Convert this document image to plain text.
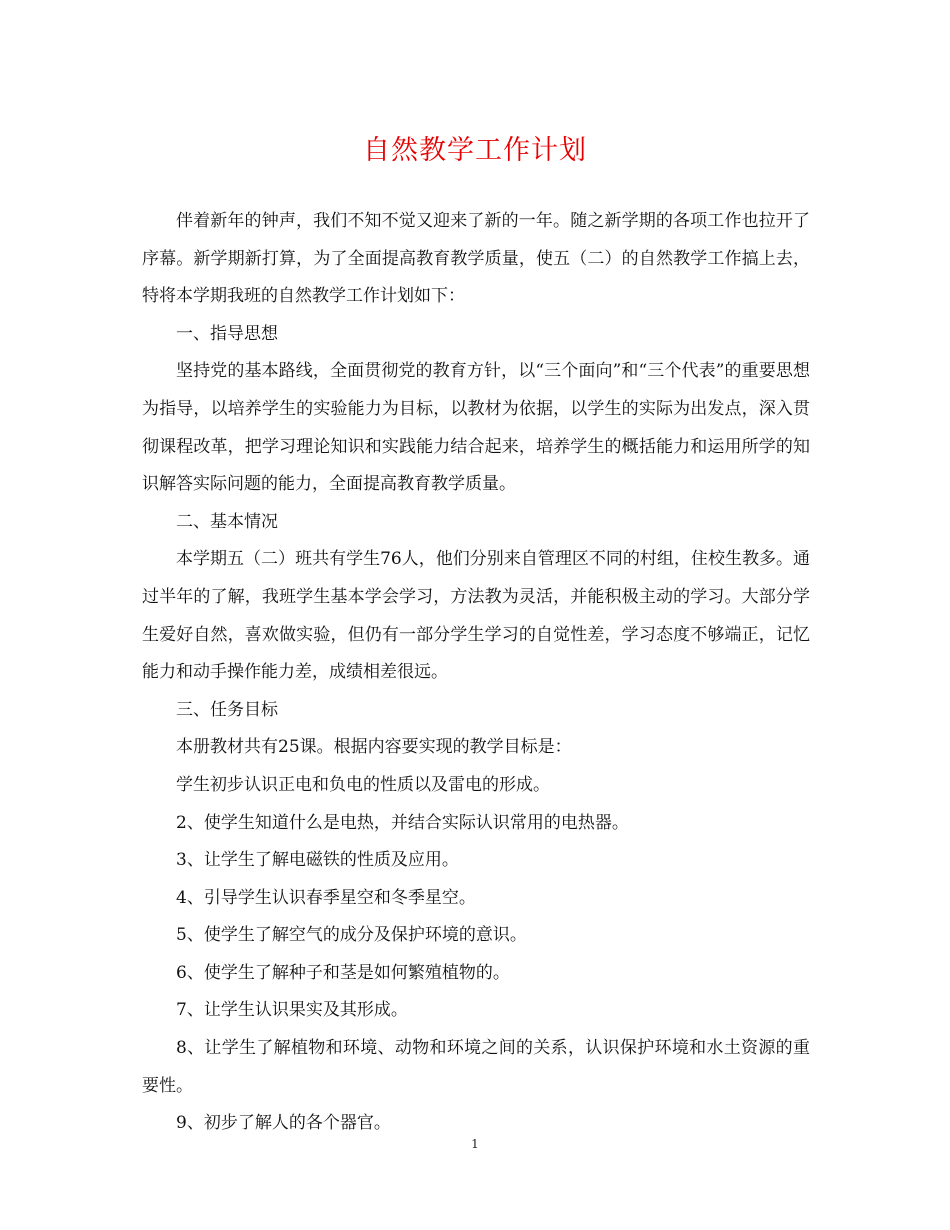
自然教学工作计划

伴着新年的钟声，我们不知不觉又迎来了新的一年。随之新学期的各项工作也拉开了序幕。新学期新打算，为了全面提高教育教学质量，使五（二）的自然教学工作搞上去，特将本学期我班的自然教学工作计划如下：

一、指导思想

坚持党的基本路线，全面贯彻党的教育方针，以“三个面向”和“三个代表”的重要思想为指导，以培养学生的实验能力为目标，以教材为依据，以学生的实际为出发点，深入贯彻课程改革，把学习理论知识和实践能力结合起来，培养学生的概括能力和运用所学的知识解答实际问题的能力，全面提高教育教学质量。

二、基本情况

本学期五（二）班共有学生76人，他们分别来自管理区不同的村组，住校生教多。通过半年的了解，我班学生基本学会学习，方法教为灵活，并能积极主动的学习。大部分学生爱好自然，喜欢做实验，但仍有一部分学生学习的自觉性差，学习态度不够端正，记忆能力和动手操作能力差，成绩相差很远。

三、任务目标

本册教材共有25课。根据内容要实现的教学目标是：

学生初步认识正电和负电的性质以及雷电的形成。

2、使学生知道什么是电热，并结合实际认识常用的电热器。

3、让学生了解电磁铁的性质及应用。

4、引导学生认识春季星空和冬季星空。

5、使学生了解空气的成分及保护环境的意识。

6、使学生了解种子和茎是如何繁殖植物的。

7、让学生认识果实及其形成。

8、让学生了解植物和环境、动物和环境之间的关系，认识保护环境和水土资源的重要性。

9、初步了解人的各个器官。

1
